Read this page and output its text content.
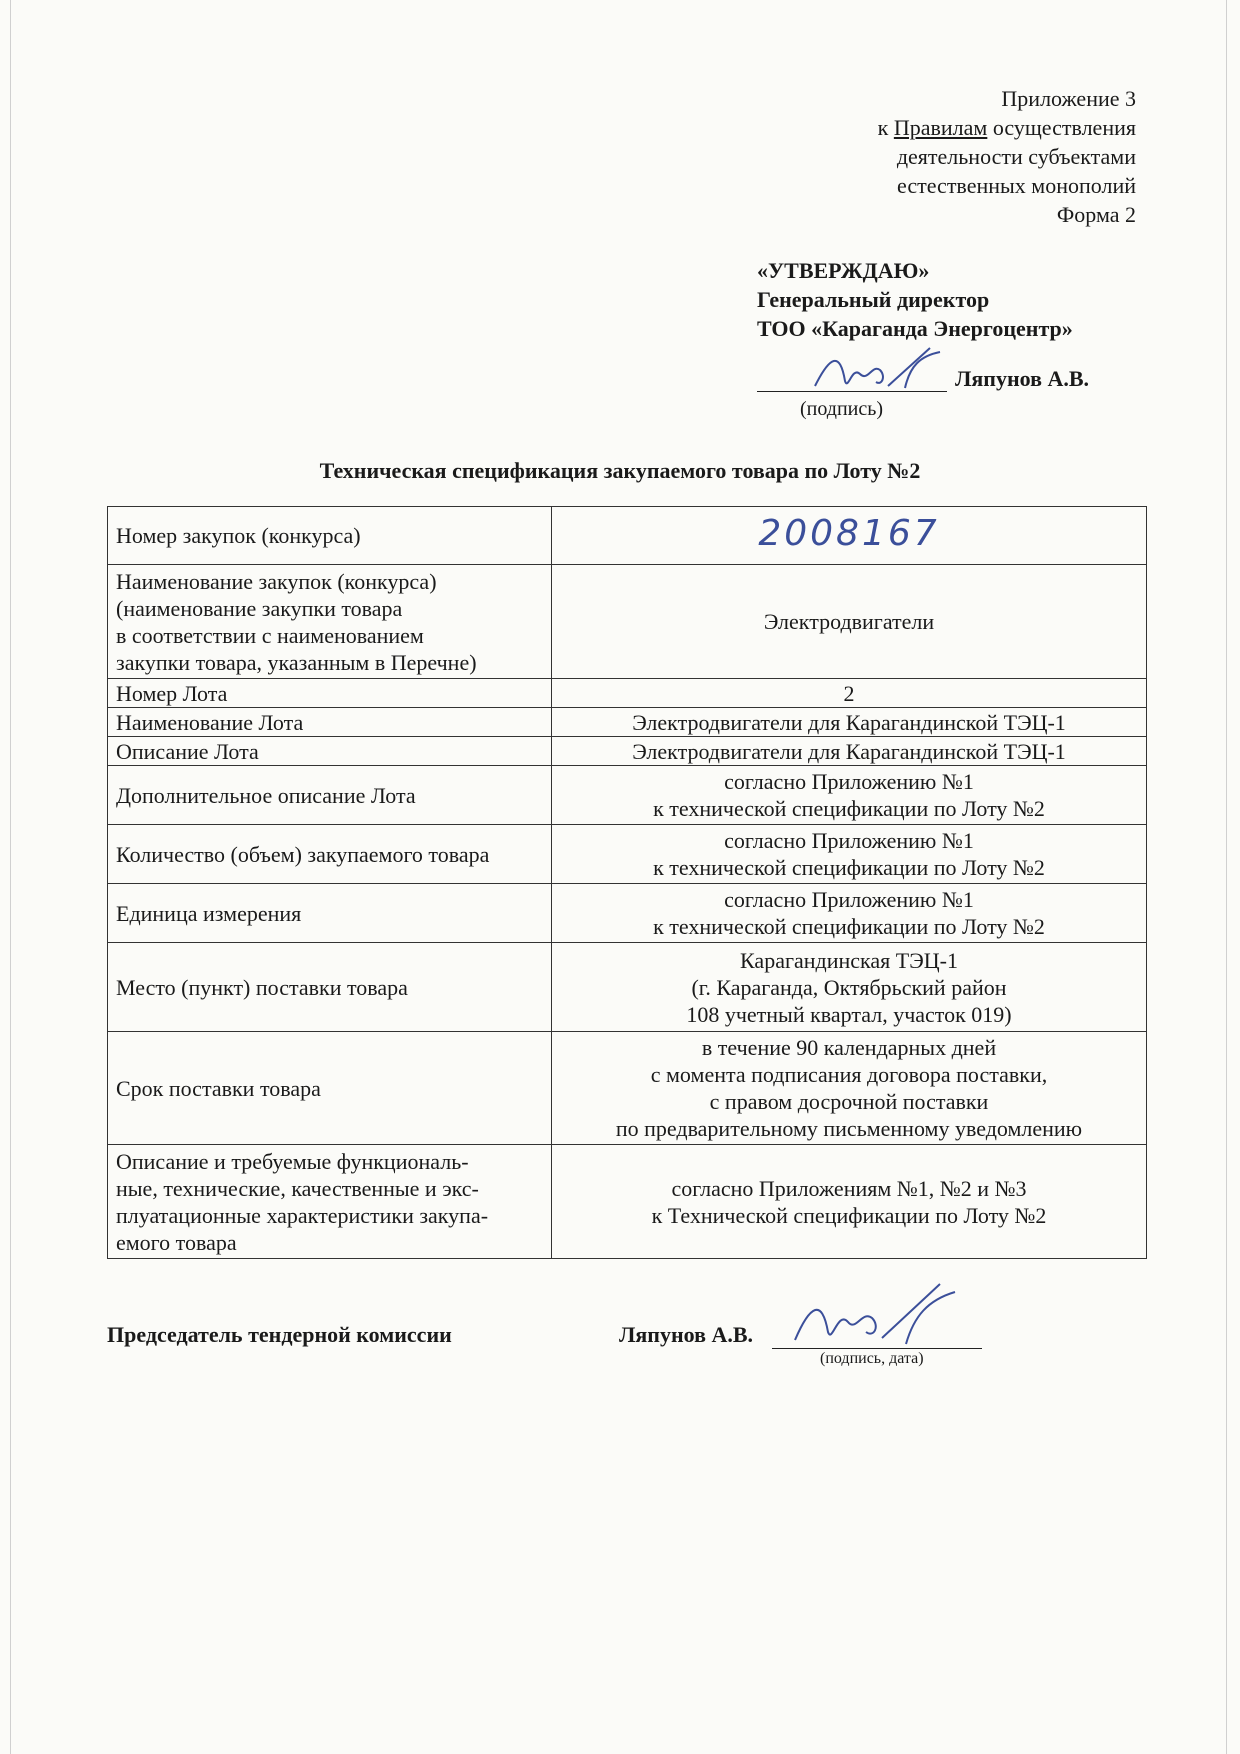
Приложение 3
к Правилам осуществления
деятельности субъектами
естественных монополий
Форма 2
«УТВЕРЖДАЮ»
Генеральный директор
ТОО «Караганда Энергоцентр»
Ляпунов А.В.
(подпись)
Техническая спецификация закупаемого товара по Лоту №2
Номер закупок (конкурса)	2008167
Наименование закупок (конкурса)
(наименование закупки товара
в соответствии с наименованием
закупки товара, указанным в Перечне)	Электродвигатели
Номер Лота	2
Наименование Лота	Электродвигатели для Карагандинской ТЭЦ-1
Описание Лота	Электродвигатели для Карагандинской ТЭЦ-1
Дополнительное описание Лота	согласно Приложению №1
к технической спецификации по Лоту №2
Количество (объем) закупаемого товара	согласно Приложению №1
к технической спецификации по Лоту №2
Единица измерения	согласно Приложению №1
к технической спецификации по Лоту №2
Место (пункт) поставки товара	Карагандинская ТЭЦ-1
(г. Караганда, Октябрьский район
108 учетный квартал, участок 019)
Срок поставки товара	в течение 90 календарных дней
с момента подписания договора поставки,
с правом досрочной поставки
по предварительному письменному уведомлению
Описание и требуемые функциональ-
ные, технические, качественные и экс-
плуатационные характеристики закупа-
емого товара	согласно Приложениям №1, №2 и №3
к Технической спецификации по Лоту №2
Председатель тендерной комиссии	Ляпунов А.В.
(подпись, дата)
